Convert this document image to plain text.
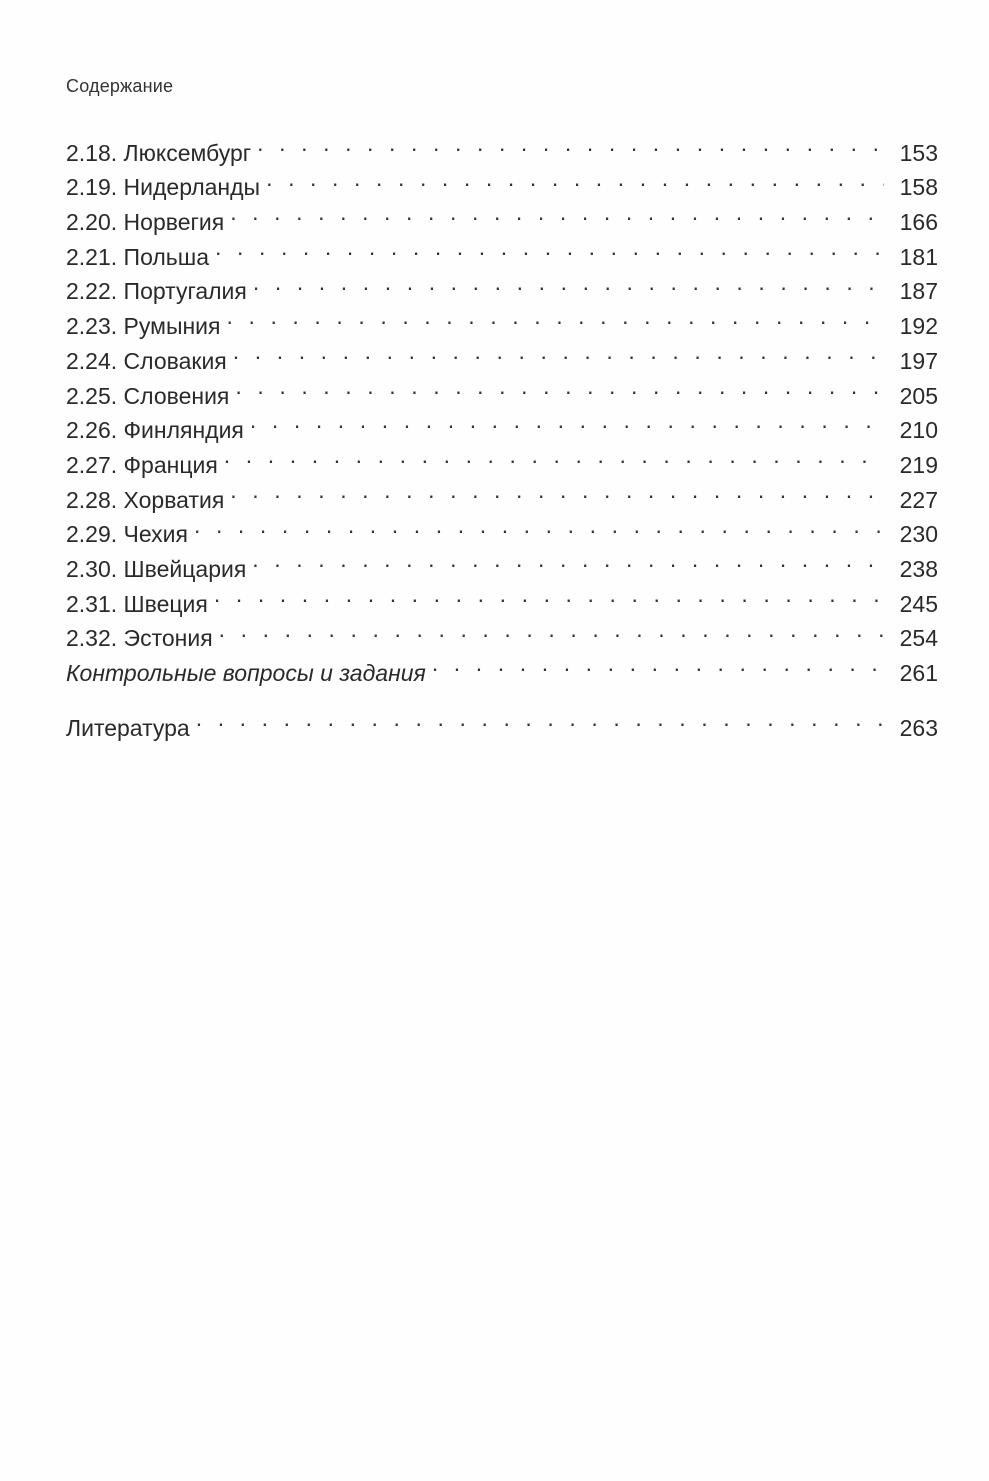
Содержание
2.18. Люксембург . . .	153
2.19. Нидерланды . . .	158
2.20. Норвегия . . .	166
2.21. Польша . . .	181
2.22. Португалия . . .	187
2.23. Румыния . . .	192
2.24. Словакия . . .	197
2.25. Словения . . .	205
2.26. Финляндия . . .	210
2.27. Франция . . .	219
2.28. Хорватия . . .	227
2.29. Чехия . . .	230
2.30. Швейцария . . .	238
2.31. Швеция . . .	245
2.32. Эстония . . .	254
Контрольные вопросы и задания . . .	261
Литература . . .	263
